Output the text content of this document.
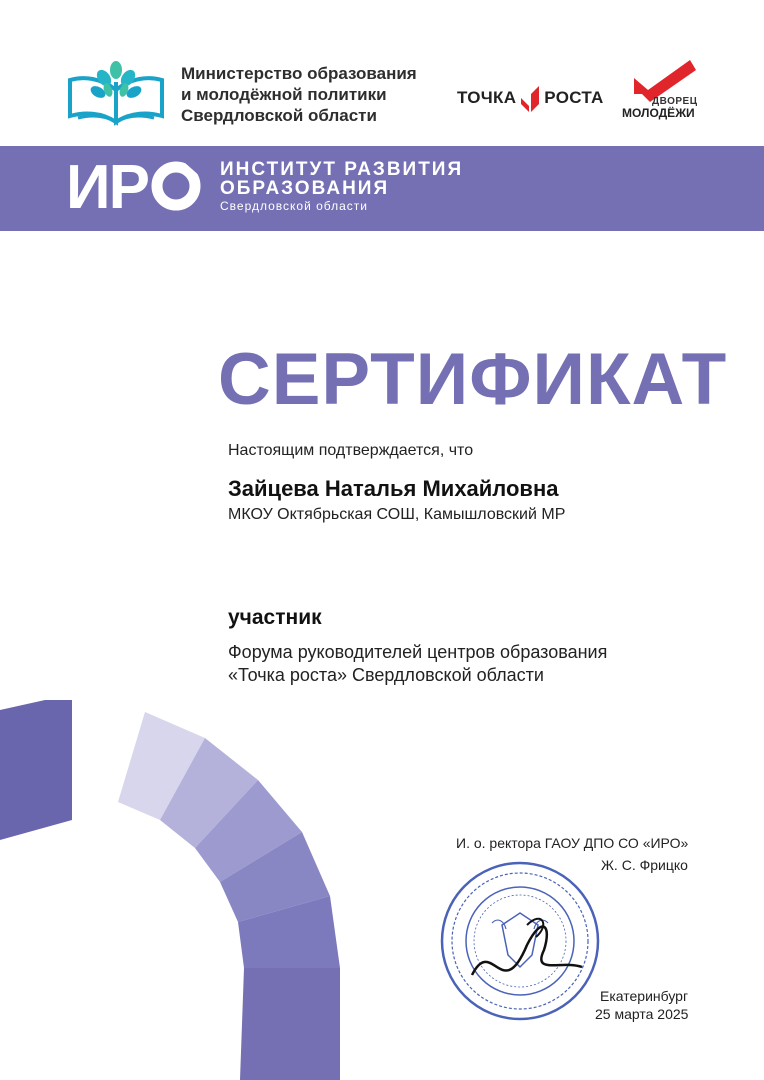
Министерство образования
и молодёжной политики
Свердловской области
ТОЧКА РОСТА	ДВОРЕЦ
МОЛОДЁЖИ
ИР	ИНСТИТУТ РАЗВИТИЯ
ОБРАЗОВАНИЯ
Свердловской области
СЕРТИФИКАТ
Настоящим подтверждается, что
Зайцева Наталья Михайловна
МКОУ Октябрьская СОШ, Камышловский МР
участник
Форума руководителей центров образования
«Точка роста» Свердловской области
И. о. ректора ГАОУ ДПО СО «ИРО»
Ж. С. Фрицко
Екатеринбург
25 марта 2025
